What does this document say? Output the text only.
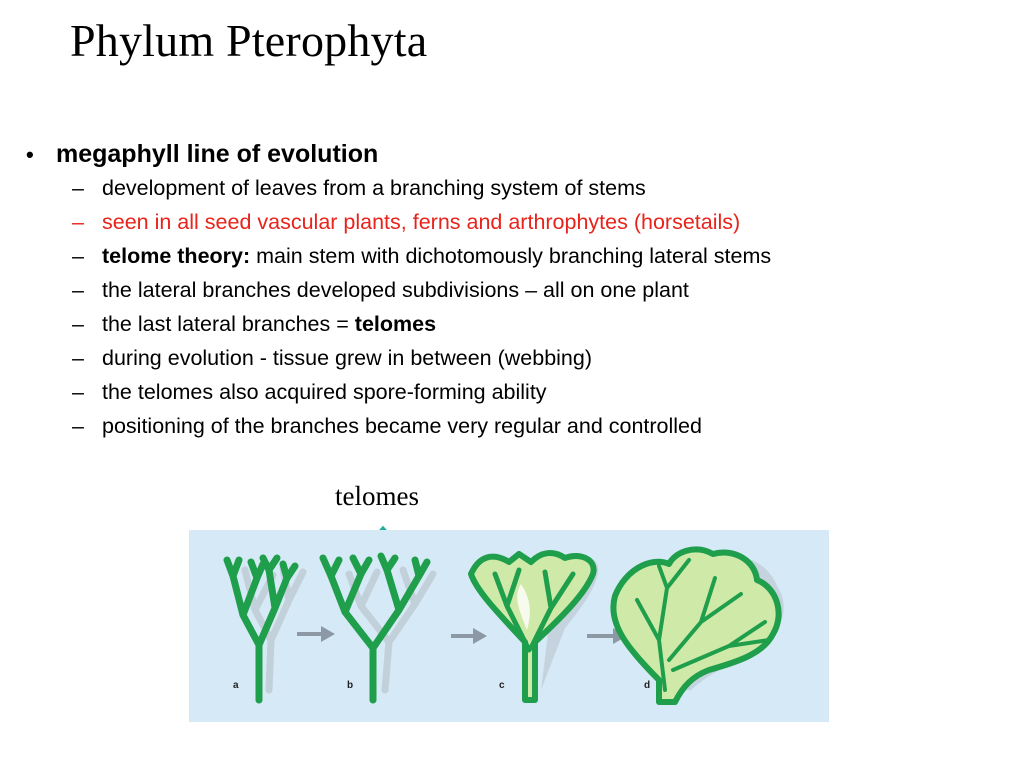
Phylum Pterophyta
• megaphyll line of evolution
– development of leaves from a branching system of stems
– seen in all seed vascular plants, ferns and arthrophytes (horsetails)
– telome theory: main stem with dichotomously branching lateral stems
– the lateral branches developed subdivisions – all on one plant
– the last lateral branches = telomes
– during evolution - tissue grew in between (webbing)
– the telomes also acquired spore-forming ability
– positioning of the branches became very regular and controlled
telomes
a	b	c	d
